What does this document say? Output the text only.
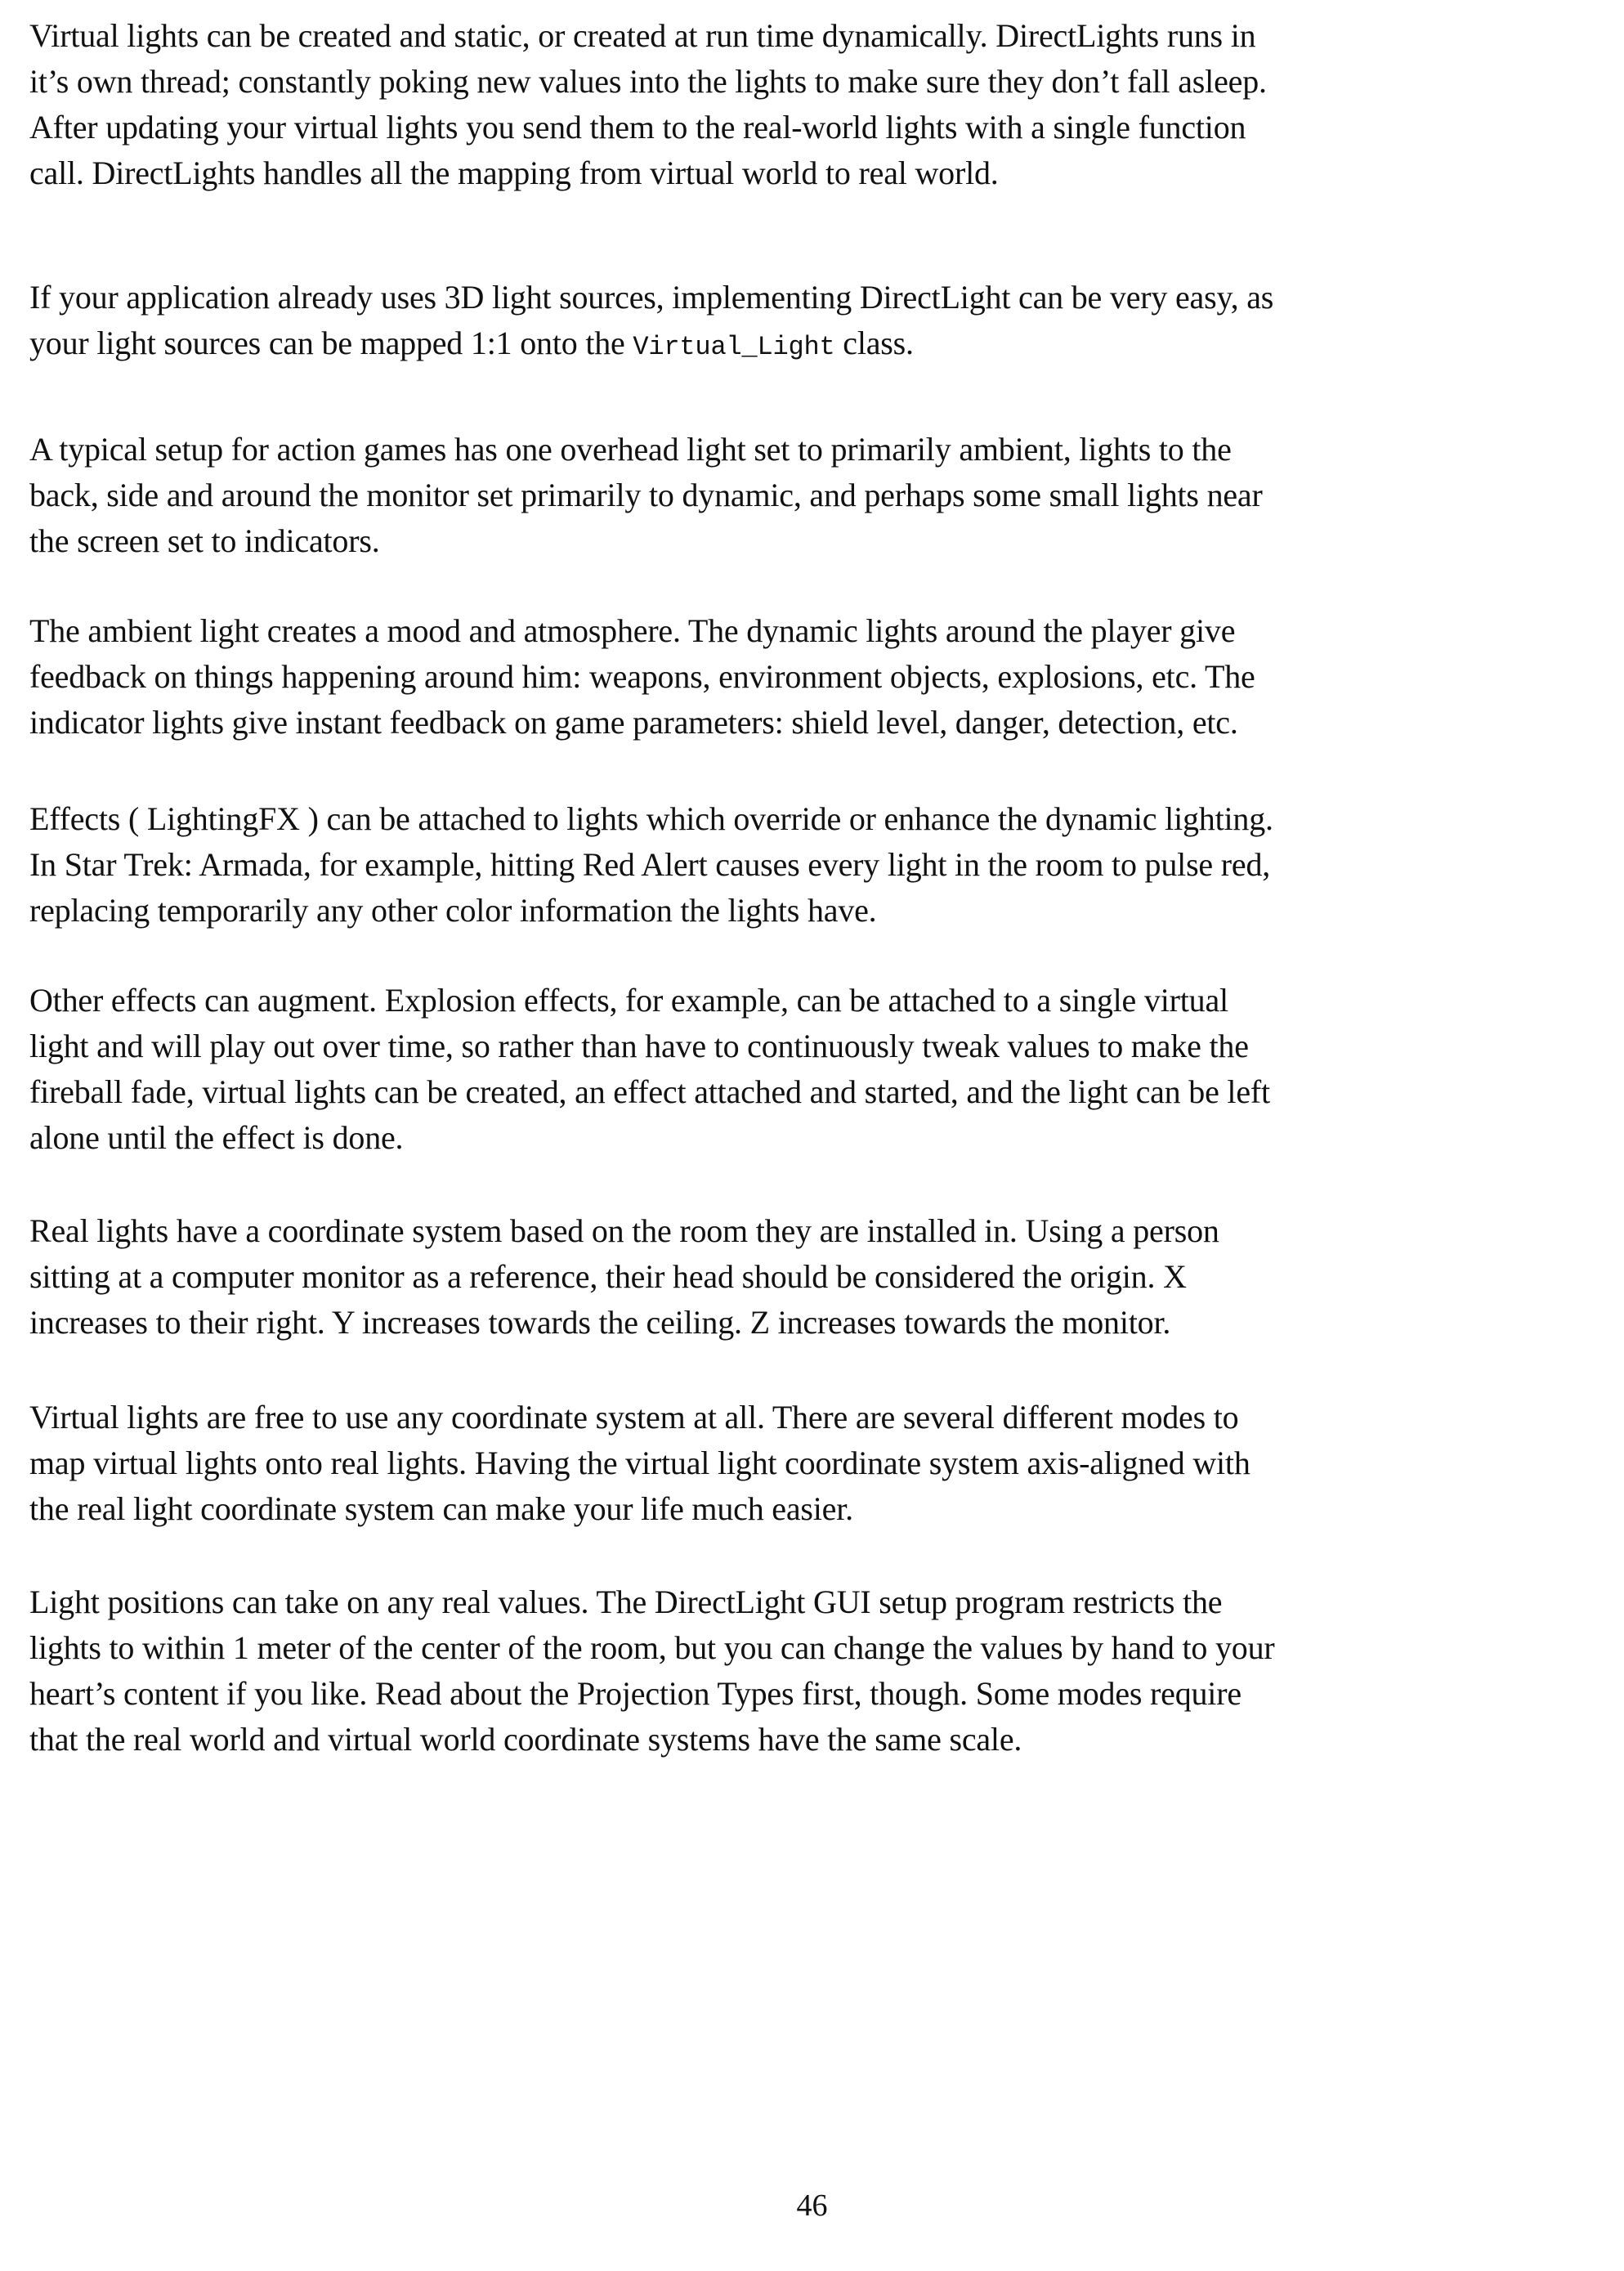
Virtual lights can be created and static, or created at run time dynamically. DirectLights runs in
it’s own thread; constantly poking new values into the lights to make sure they don’t fall asleep.
After updating your virtual lights you send them to the real-world lights with a single function
call. DirectLights handles all the mapping from virtual world to real world.
If your application already uses 3D light sources, implementing DirectLight can be very easy, as
your light sources can be mapped 1:1 onto the Virtual_Light class.
A typical setup for action games has one overhead light set to primarily ambient, lights to the
back, side and around the monitor set primarily to dynamic, and perhaps some small lights near
the screen set to indicators.
The ambient light creates a mood and atmosphere. The dynamic lights around the player give
feedback on things happening around him: weapons, environment objects, explosions, etc. The
indicator lights give instant feedback on game parameters: shield level, danger, detection, etc.
Effects ( LightingFX ) can be attached to lights which override or enhance the dynamic lighting.
In Star Trek: Armada, for example, hitting Red Alert causes every light in the room to pulse red,
replacing temporarily any other color information the lights have.
Other effects can augment. Explosion effects, for example, can be attached to a single virtual
light and will play out over time, so rather than have to continuously tweak values to make the
fireball fade, virtual lights can be created, an effect attached and started, and the light can be left
alone until the effect is done.
Real lights have a coordinate system based on the room they are installed in. Using a person
sitting at a computer monitor as a reference, their head should be considered the origin. X
increases to their right. Y increases towards the ceiling. Z increases towards the monitor.
Virtual lights are free to use any coordinate system at all. There are several different modes to
map virtual lights onto real lights. Having the virtual light coordinate system axis-aligned with
the real light coordinate system can make your life much easier.
Light positions can take on any real values. The DirectLight GUI setup program restricts the
lights to within 1 meter of the center of the room, but you can change the values by hand to your
heart’s content if you like. Read about the Projection Types first, though. Some modes require
that the real world and virtual world coordinate systems have the same scale.
46
